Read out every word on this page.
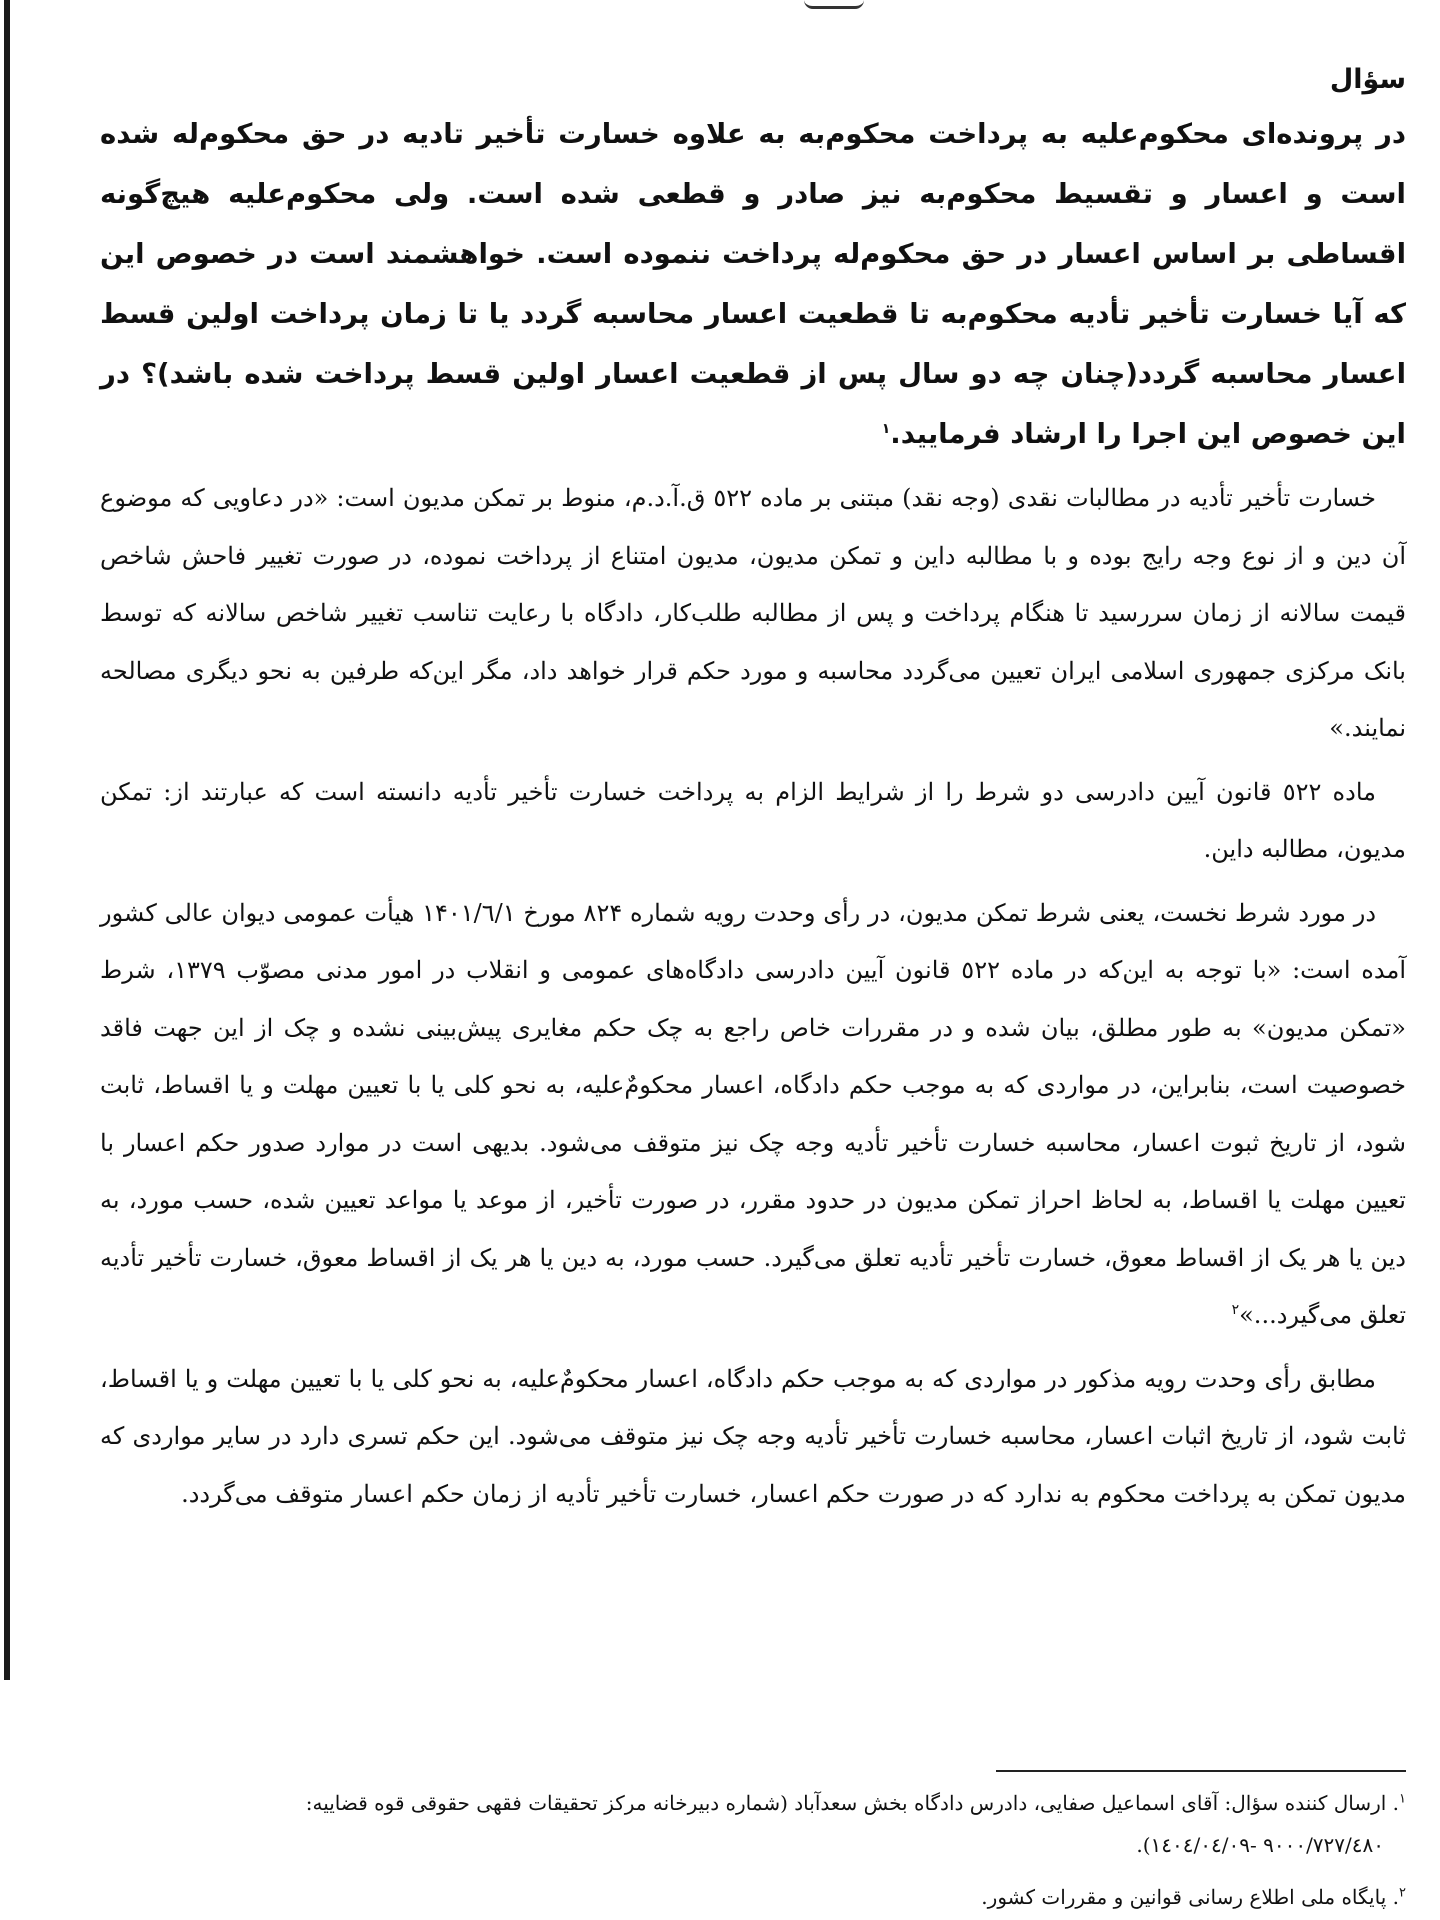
سؤال

در پرونده‌ای محکوم‌علیه به پرداخت محکوم‌به به علاوه خسارت تأخیر تادیه در حق محکوم‌له شده است و اعسار و تقسیط محکوم‌به نیز صادر و قطعی شده است. ولی محکوم‌علیه هیچ‌گونه اقساطی بر اساس اعسار در حق محکوم‌له پرداخت ننموده است. خواهشمند است در خصوص این که آیا خسارت تأخیر تأدیه محکوم‌به تا قطعیت اعسار محاسبه گردد یا تا زمان پرداخت اولین قسط اعسار محاسبه گردد(چنان چه دو سال پس از قطعیت اعسار اولین قسط پرداخت شده باشد)؟ در این خصوص این اجرا را ارشاد فرمایید.$^١$

خسارت تأخیر تأدیه در مطالبات نقدی (وجه نقد) مبتنی بر ماده ٥٢٢ ق.آ.د.م، منوط بر تمکن مدیون است: «در دعاویی که موضوع آن دین و از نوع وجه رایج بوده و با مطالبه داین و تمکن مدیون، مدیون امتناع از پرداخت نموده، در صورت تغییر فاحش شاخص قیمت سالانه از زمان سررسید تا هنگام پرداخت و پس از مطالبه طلب‌کار، دادگاه با رعایت تناسب تغییر شاخص سالانه که توسط بانک مرکزی جمهوری اسلامی ایران تعیین می‌گردد محاسبه و مورد حکم قرار خواهد داد، مگر این‌که طرفین به نحو دیگری مصالحه نمایند.»

ماده ٥٢٢ قانون آیین دادرسی دو شرط را از شرایط الزام به پرداخت خسارت تأخیر تأدیه دانسته است که عبارتند از: تمکن مدیون، مطالبه داین.

در مورد شرط نخست، یعنی شرط تمکن مدیون، در رأی وحدت رویه شماره ٨٢۴ مورخ ١۴٠١/٦/١ هیأت عمومی دیوان عالی کشور آمده است: «با توجه به این‌که در ماده ٥٢٢ قانون آیین دادرسی دادگاه‌های عمومی و انقلاب در امور مدنی مصوّب ١٣٧٩، شرط «تمکن مدیون» به طور مطلق، بیان شده و در مقررات خاص راجع به چک حکم مغایری پیش‌بینی نشده و چک از این جهت فاقد خصوصیت است، بنابراین، در مواردی که به موجب حکم دادگاه، اعسار محکومٌ‌علیه، به نحو کلی یا با تعیین مهلت و یا اقساط، ثابت شود، از تاریخ ثبوت اعسار، محاسبه خسارت تأخیر تأدیه وجه چک نیز متوقف می‌شود. بدیهی است در موارد صدور حکم اعسار با تعیین مهلت یا اقساط، به لحاظ احراز تمکن مدیون در حدود مقرر، در صورت تأخیر، از موعد یا مواعد تعیین شده، حسب مورد، به دین یا هر یک از اقساط معوق، خسارت تأخیر تأدیه تعلق می‌گیرد. حسب مورد، به دین یا هر یک از اقساط معوق، خسارت تأخیر تأدیه تعلق می‌گیرد...»$^٢$

مطابق رأی وحدت رویه مذکور در مواردی که به موجب حکم دادگاه، اعسار محکومٌ‌علیه، به نحو کلی یا با تعیین مهلت و یا اقساط، ثابت شود، از تاریخ اثبات اعسار، محاسبه خسارت تأخیر تأدیه وجه چک نیز متوقف می‌شود. این حکم تسری دارد در سایر مواردی که مدیون تمکن به پرداخت محکوم به ندارد که در صورت حکم اعسار، خسارت تأخیر تأدیه از زمان حکم اعسار متوقف می‌گردد.

$^١$. ارسال کننده سؤال: آقای اسماعیل صفایی، دادرس دادگاه بخش سعدآباد (شماره دبیرخانه مرکز تحقیقات فقهی حقوقی قوه قضاییه:

٩٠٠٠/٧٢٧/٤٨٠ -١٤٠٤/٠٤/٠٩).

$^٢$. پایگاه ملی اطلاع رسانی قوانین و مقررات کشور.
